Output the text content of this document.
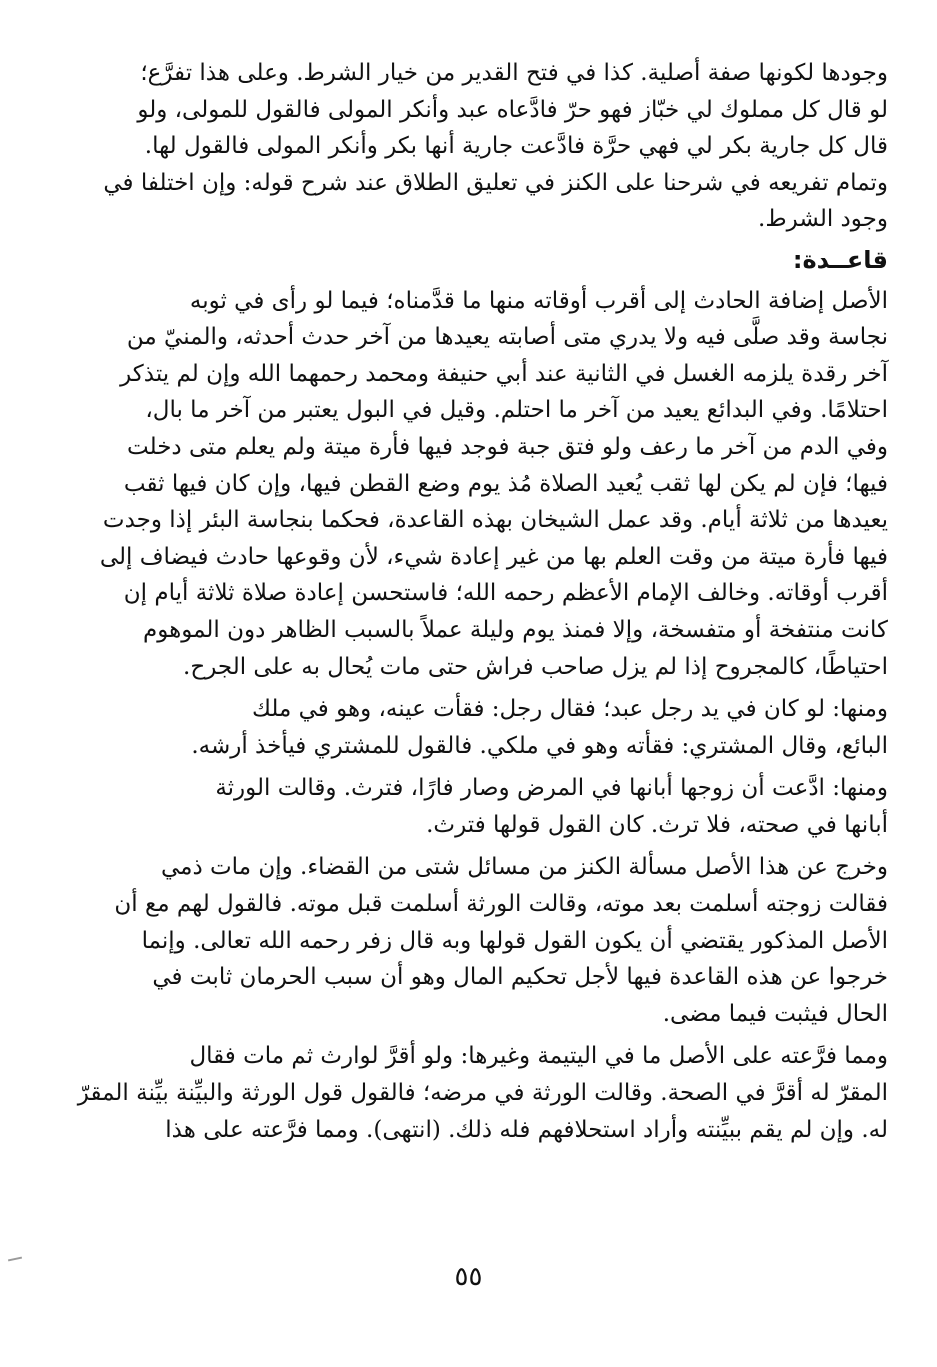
وجودها لكونها صفة أصلية. كذا في فتح القدير من خيار الشرط. وعلى هذا تفرَّع؛
لو قال كل مملوك لي خبّاز فهو حرّ فادَّعاه عبد وأنكر المولى فالقول للمولى، ولو
قال كل جارية بكر لي فهي حرَّة فادَّعت جارية أنها بكر وأنكر المولى فالقول لها.
وتمام تفريعه في شرحنا على الكنز في تعليق الطلاق عند شرح قوله: وإن اختلفا في
وجود الشرط.

قاعــدة:

الأصل إضافة الحادث إلى أقرب أوقاته منها ما قدَّمناه؛ فيما لو رأى في ثوبه
نجاسة وقد صلَّى فيه ولا يدري متى أصابته يعيدها من آخر حدث أحدثه، والمنيّ من
آخر رقدة يلزمه الغسل في الثانية عند أبي حنيفة ومحمد رحمهما الله وإن لم يتذكر
احتلامًا. وفي البدائع يعيد من آخر ما احتلم. وقيل في البول يعتبر من آخر ما بال،
وفي الدم من آخر ما رعف ولو فتق جبة فوجد فيها فأرة ميتة ولم يعلم متى دخلت
فيها؛ فإن لم يكن لها ثقب يُعيد الصلاة مُذ يوم وضع القطن فيها، وإن كان فيها ثقب
يعيدها من ثلاثة أيام. وقد عمل الشيخان بهذه القاعدة، فحكما بنجاسة البئر إذا وجدت
فيها فأرة ميتة من وقت العلم بها من غير إعادة شيء، لأن وقوعها حادث فيضاف إلى
أقرب أوقاته. وخالف الإمام الأعظم رحمه الله؛ فاستحسن إعادة صلاة ثلاثة أيام إن
كانت منتفخة أو متفسخة، وإلا فمنذ يوم وليلة عملاً بالسبب الظاهر دون الموهوم
احتياطًا، كالمجروح إذا لم يزل صاحب فراش حتى مات يُحال به على الجرح.

ومنها: لو كان في يد رجل عبد؛ فقال رجل: فقأت عينه، وهو في ملك
البائع، وقال المشتري: فقأته وهو في ملكي. فالقول للمشتري فيأخذ أرشه.

ومنها: ادَّعت أن زوجها أبانها في المرض وصار فارًا، فترث. وقالت الورثة
أبانها في صحته، فلا ترث. كان القول قولها فترث.

وخرج عن هذا الأصل مسألة الكنز من مسائل شتى من القضاء. وإن مات ذمي
فقالت زوجته أسلمت بعد موته، وقالت الورثة أسلمت قبل موته. فالقول لهم مع أن
الأصل المذكور يقتضي أن يكون القول قولها وبه قال زفر رحمه الله تعالى. وإنما
خرجوا عن هذه القاعدة فيها لأجل تحكيم المال وهو أن سبب الحرمان ثابت في
الحال فيثبت فيما مضى.

ومما فرَّعته على الأصل ما في اليتيمة وغيرها: ولو أقرَّ لوارث ثم مات فقال
المقرّ له أقرَّ في الصحة. وقالت الورثة في مرضه؛ فالقول قول الورثة والبيِّنة بيِّنة المقرّ
له. وإن لم يقم ببيِّنته وأراد استحلافهم فله ذلك. (انتهى). ومما فرَّعته على هذا

٥٥
